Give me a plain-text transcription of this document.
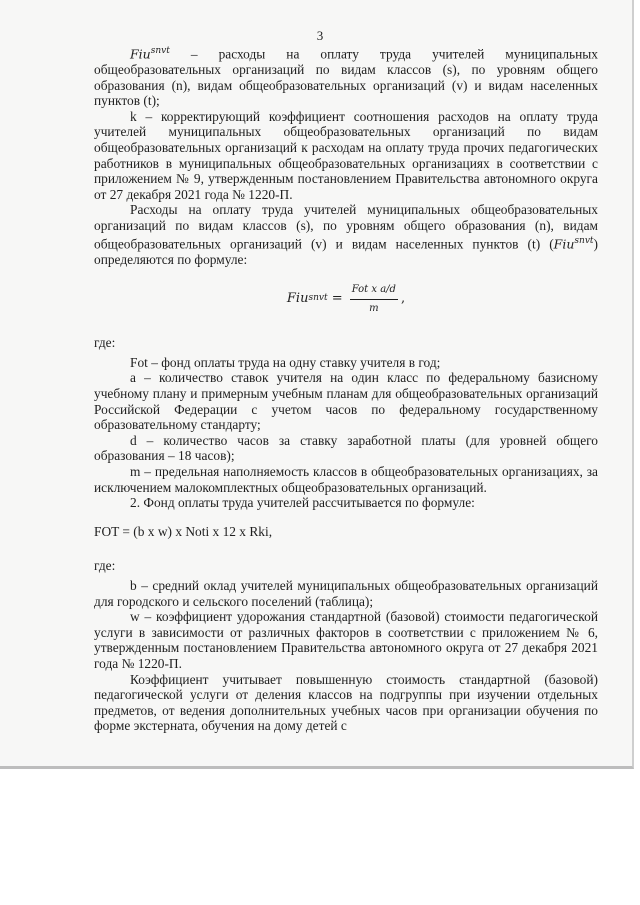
3

Fiu$^{snvt}$ – расходы на оплату труда учителей муниципальных общеобразовательных организаций по видам классов (s), по уровням общего образования (n), видам общеобразовательных организаций (v) и видам населенных пунктов (t);

k – корректирующий коэффициент соотношения расходов на оплату труда учителей муниципальных общеобразовательных организаций по видам общеобразовательных организаций к расходам на оплату труда прочих педагогических работников в муниципальных общеобразовательных организациях в соответствии с приложением № 9, утвержденным постановлением Правительства автономного округа от 27 декабря 2021 года № 1220-П.

Расходы на оплату труда учителей муниципальных общеобразовательных организаций по видам классов (s), по уровням общего образования (n), видам общеобразовательных организаций (v) и видам населенных пунктов (t) (Fiu$^{snvt}$) определяются по формуле:

Fiu snvt = $\frac{\text{Fot x a/d}}{m}$ ,

где:

Fot – фонд оплаты труда на одну ставку учителя в год;

a – количество ставок учителя на один класс по федеральному базисному учебному плану и примерным учебным планам для общеобразовательных организаций Российской Федерации с учетом часов по федеральному государственному образовательному стандарту;

d – количество часов за ставку заработной платы (для уровней общего образования – 18 часов);

m – предельная наполняемость классов в общеобразовательных организациях, за исключением малокомплектных общеобразовательных организаций.

2. Фонд оплаты труда учителей рассчитывается по формуле:

FOT = (b x w) x Noti x 12 x Rki,

где:

b – средний оклад учителей муниципальных общеобразовательных организаций для городского и сельского поселений (таблица);

w – коэффициент удорожания стандартной (базовой) стоимости педагогической услуги в зависимости от различных факторов в соответствии с приложением № 6, утвержденным постановлением Правительства автономного округа от 27 декабря 2021 года № 1220-П.

Коэффициент учитывает повышенную стоимость стандартной (базовой) педагогической услуги от деления классов на подгруппы при изучении отдельных предметов, от ведения дополнительных учебных часов при организации обучения по форме экстерната, обучения на дому детей с
